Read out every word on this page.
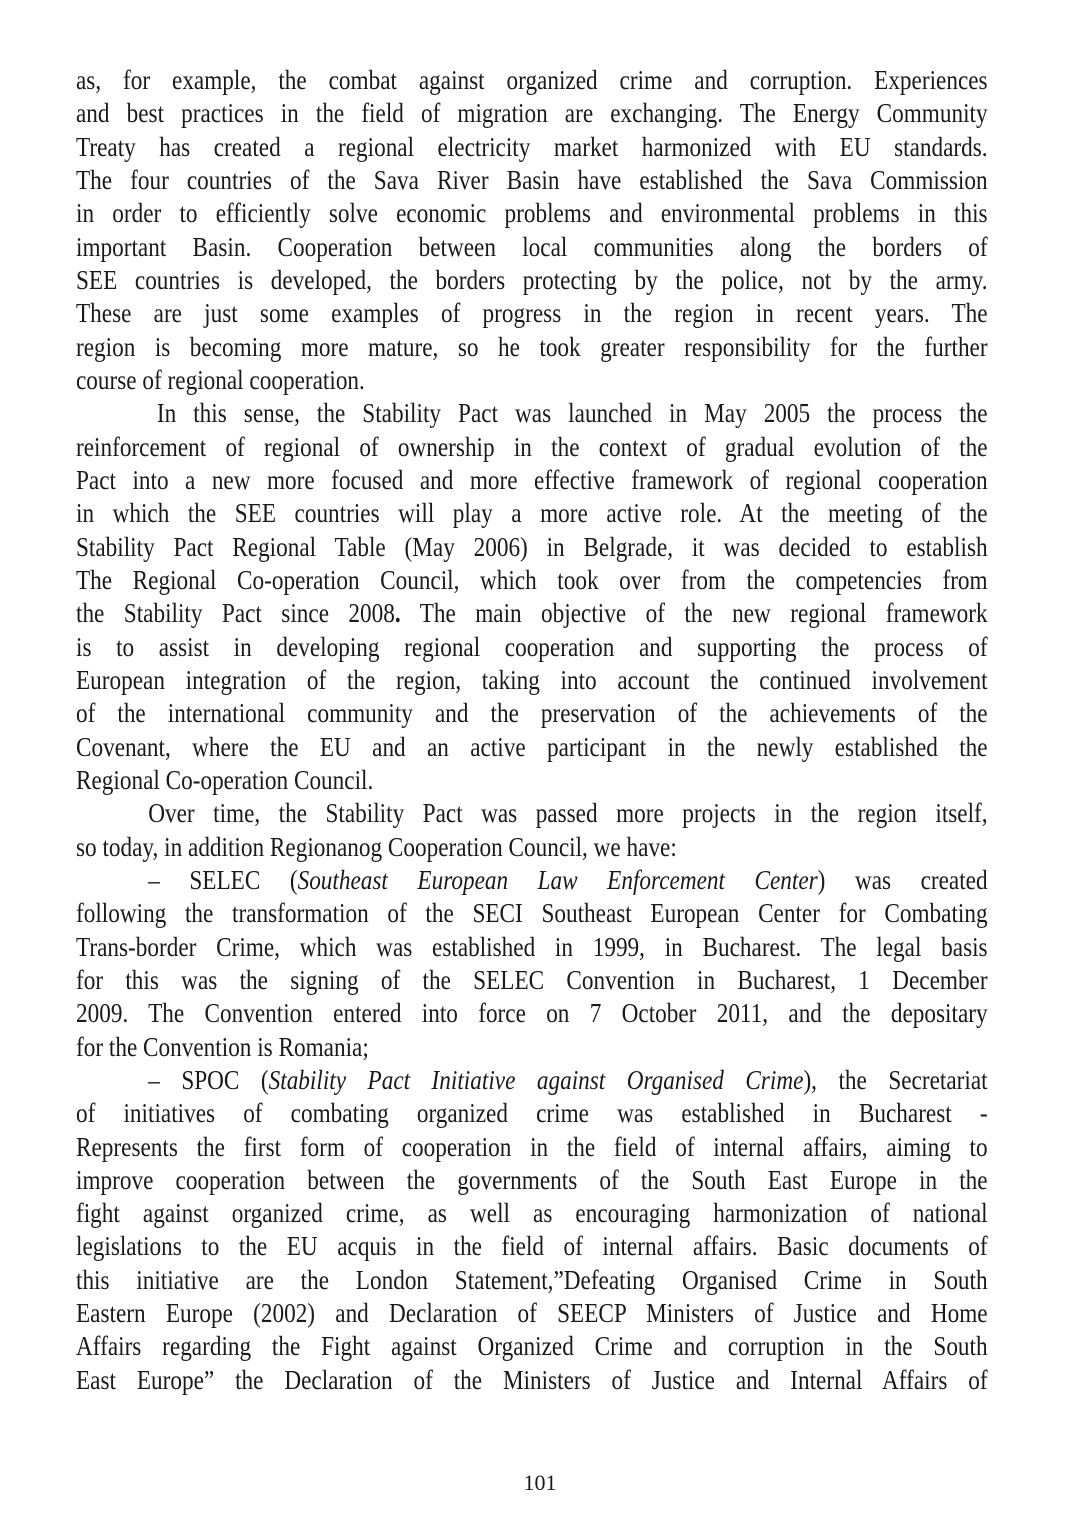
as, for example, the combat against organized crime and corruption. Experiences
and best practices in the field of migration are exchanging. The Energy Community
Treaty has created a regional electricity market harmonized with EU standards.
The four countries of the Sava River Basin have established the Sava Commission
in order to efficiently solve economic problems and environmental problems in this
important Basin. Cooperation between local communities along the borders of
SEE countries is developed, the borders protecting by the police, not by the army.
These are just some examples of progress in the region in recent years. The
region is becoming more mature, so he took greater responsibility for the further
course of regional cooperation.
In this sense, the Stability Pact was launched in May 2005 the process the
reinforcement of regional of ownership in the context of gradual evolution of the
Pact into a new more focused and more effective framework of regional cooperation
in which the SEE countries will play a more active role. At the meeting of the
Stability Pact Regional Table (May 2006) in Belgrade, it was decided to establish
The Regional Co-operation Council, which took over from the competencies from
the Stability Pact since 2008. The main objective of the new regional framework
is to assist in developing regional cooperation and supporting the process of
European integration of the region, taking into account the continued involvement
of the international community and the preservation of the achievements of the
Covenant, where the EU and an active participant in the newly established the
Regional Co-operation Council.
Over time, the Stability Pact was passed more projects in the region itself,
so today, in addition Regionanog Cooperation Council, we have:
– SELEC (Southeast European Law Enforcement Center) was created
following the transformation of the SECI Southeast European Center for Combating
Trans-border Crime, which was established in 1999, in Bucharest. The legal basis
for this was the signing of the SELEC Convention in Bucharest, 1 December
2009. The Convention entered into force on 7 October 2011, and the depositary
for the Convention is Romania;
– SPOC (Stability Pact Initiative against Organised Crime), the Secretariat
of initiatives of combating organized crime was established in Bucharest -
Represents the first form of cooperation in the field of internal affairs, aiming to
improve cooperation between the governments of the South East Europe in the
fight against organized crime, as well as encouraging harmonization of national
legislations to the EU acquis in the field of internal affairs. Basic documents of
this initiative are the London Statement,”Defeating Organised Crime in South
Eastern Europe (2002) and Declaration of SEECP Ministers of Justice and Home
Affairs regarding the Fight against Organized Crime and corruption in the South
East Europe” the Declaration of the Ministers of Justice and Internal Affairs of
101
